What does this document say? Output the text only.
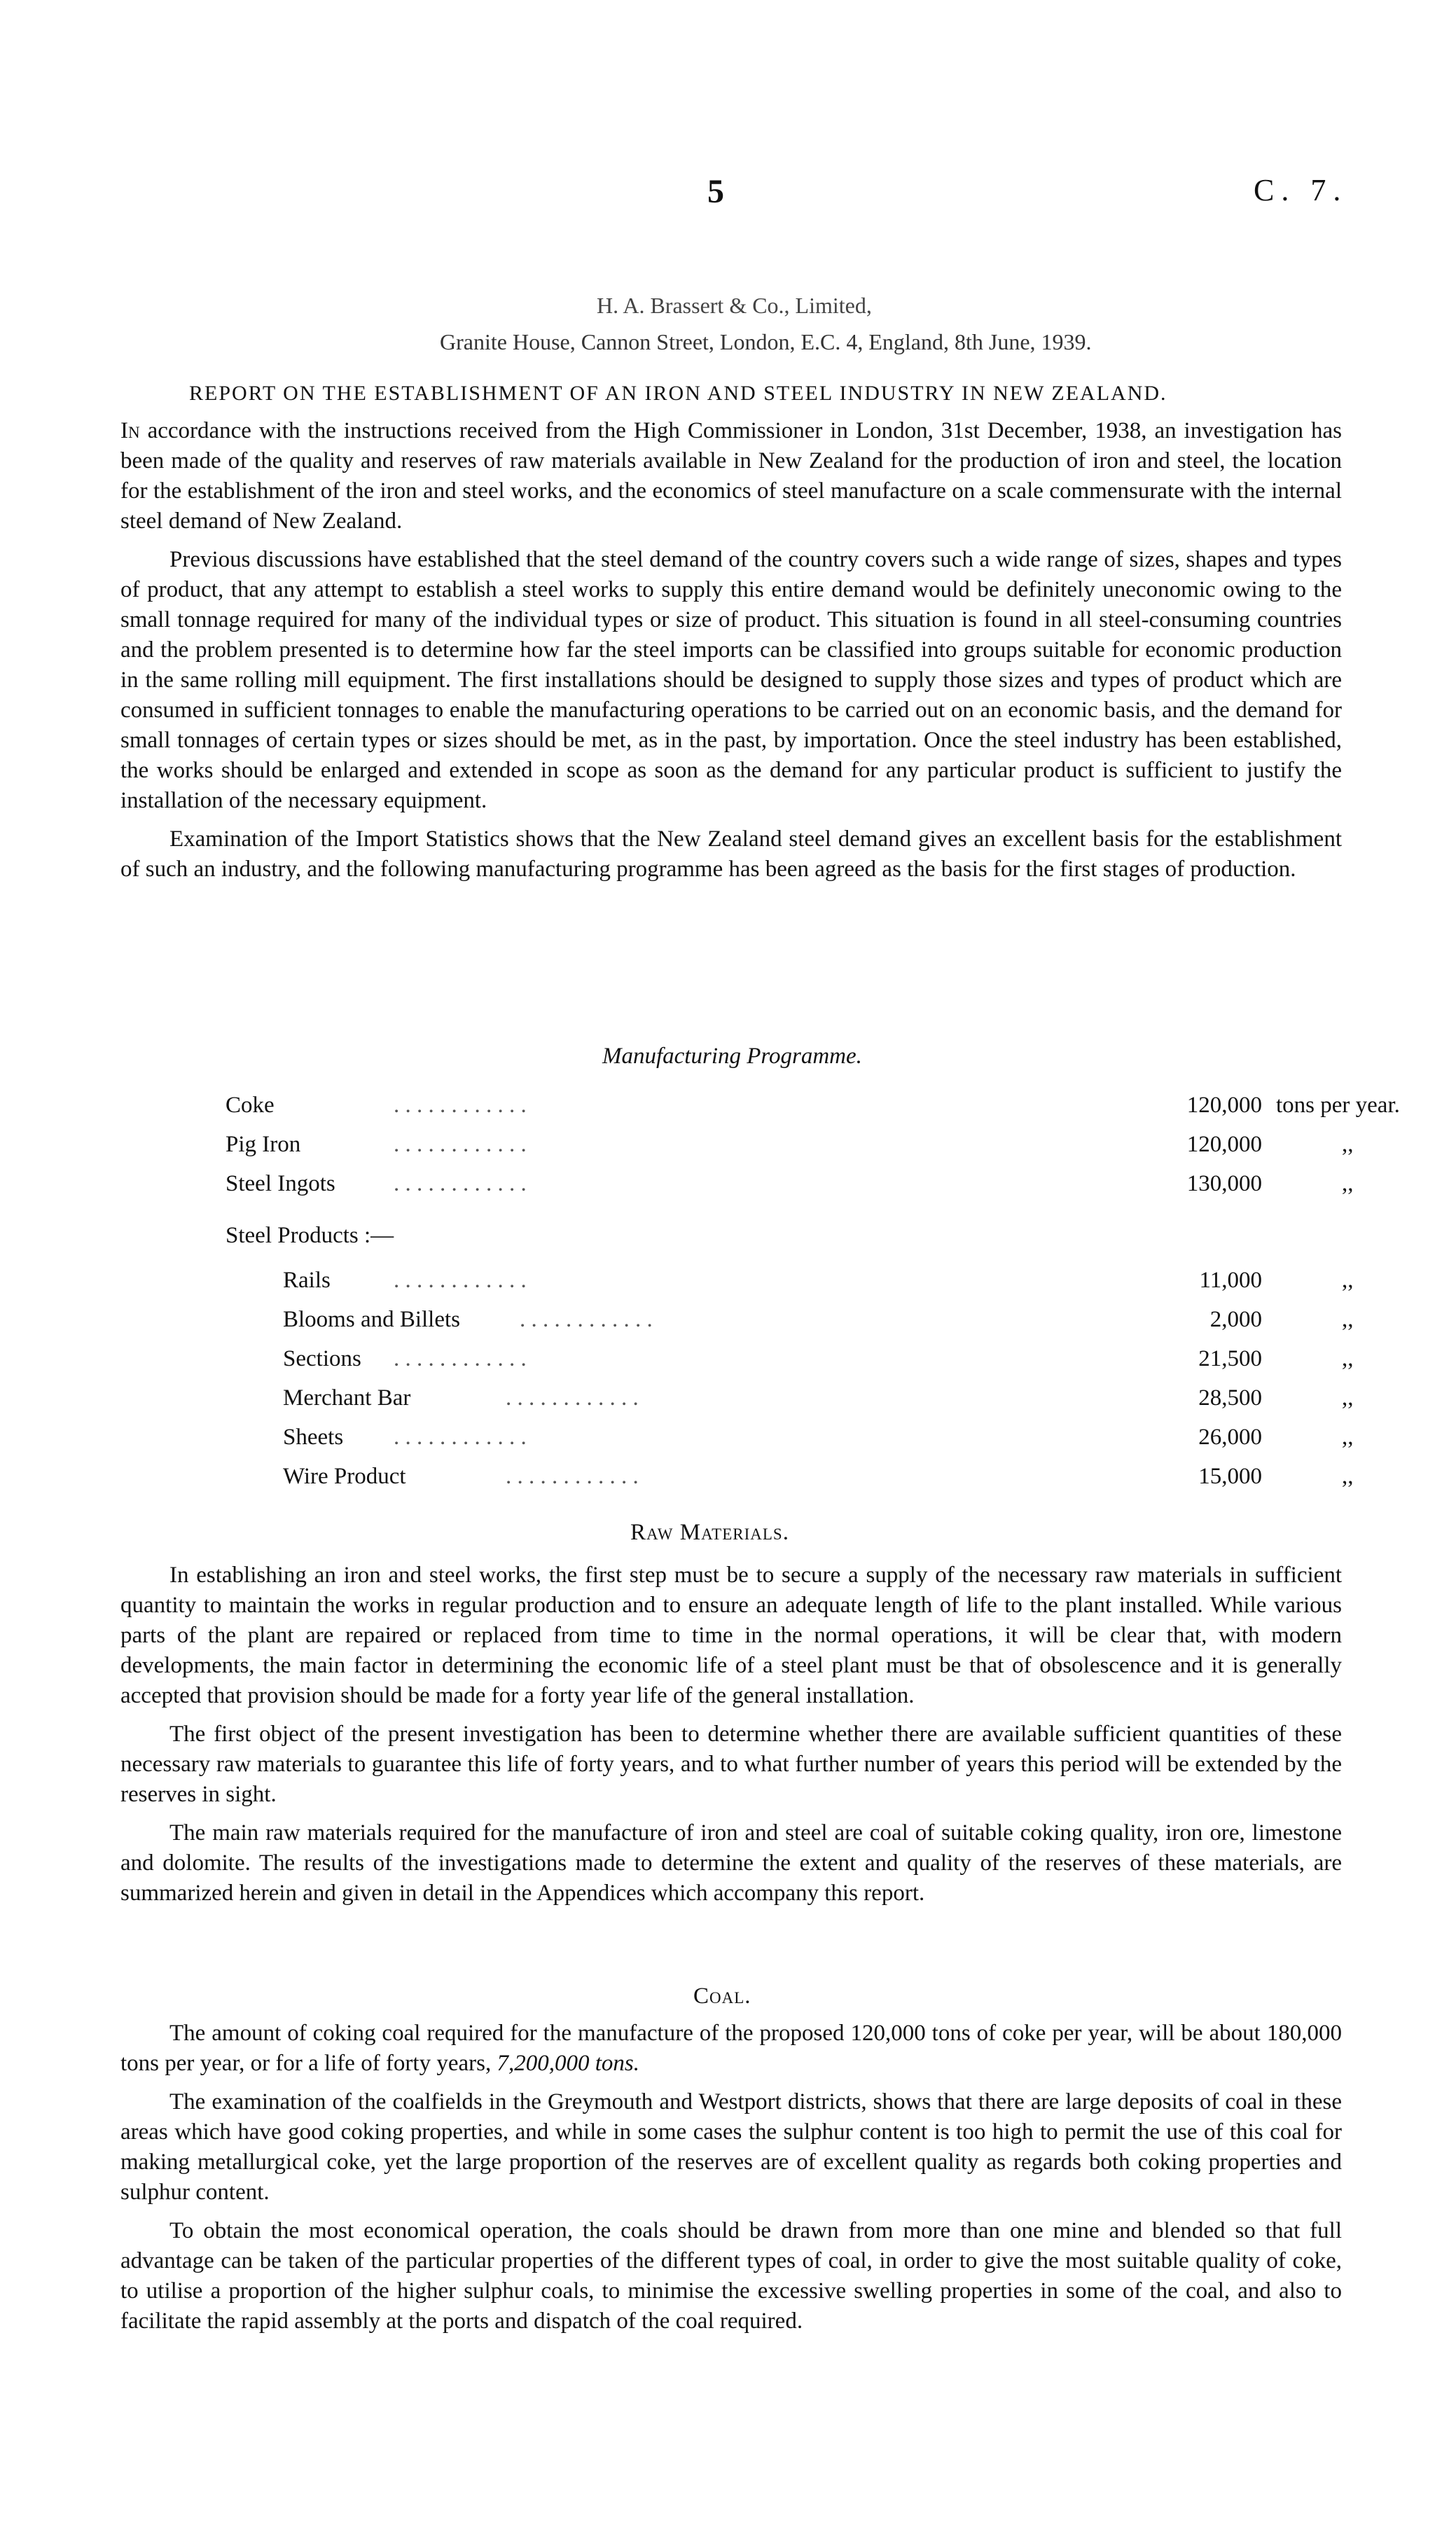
5	C. 7.
H. A. Brassert & Co., Limited,
Granite House, Cannon Street, London, E.C. 4, England, 8th June, 1939.
REPORT ON THE ESTABLISHMENT OF AN IRON AND STEEL INDUSTRY IN NEW ZEALAND.

In accordance with the instructions received from the High Commissioner in London, 31st December, 1938, an investigation has been made of the quality and reserves of raw materials available in New Zealand for the production of iron and steel, the location for the establishment of the iron and steel works, and the economics of steel manufacture on a scale commensurate with the internal steel demand of New Zealand.

Previous discussions have established that the steel demand of the country covers such a wide range of sizes, shapes and types of product, that any attempt to establish a steel works to supply this entire demand would be definitely uneconomic owing to the small tonnage required for many of the individual types or size of product. This situation is found in all steel-consuming countries and the problem presented is to determine how far the steel imports can be classified into groups suitable for economic production in the same rolling mill equipment. The first installations should be designed to supply those sizes and types of product which are consumed in sufficient tonnages to enable the manufacturing operations to be carried out on an economic basis, and the demand for small tonnages of certain types or sizes should be met, as in the past, by importation. Once the steel industry has been established, the works should be enlarged and extended in scope as soon as the demand for any particular product is sufficient to justify the installation of the necessary equipment.

Examination of the Import Statistics shows that the New Zealand steel demand gives an excellent basis for the establishment of such an industry, and the following manufacturing programme has been agreed as the basis for the first stages of production.

Manufacturing Programme.
Coke	. . . . . . . . . . . .	120,000 tons per year.
Pig Iron	. . . . . . . . . . . .	120,000	,,
Steel Ingots	. . . . . . . . . . . .	130,000	,,
Steel Products :—
Rails	. . . . . . . . . . . .	11,000	,,
Blooms and Billets	. . . . . . . . . . . .	2,000	,,
Sections . . . . . . . . . . . .	21,500	,,
Merchant Bar	. . . . . . . . . . . .	28,500	,,
Sheets . . . . . . . . . . . .	26,000	,,
Wire Product	. . . . . . . . . . . .	15,000	,,
Raw Materials.

In establishing an iron and steel works, the first step must be to secure a supply of the necessary raw materials in sufficient quantity to maintain the works in regular production and to ensure an adequate length of life to the plant installed. While various parts of the plant are repaired or replaced from time to time in the normal operations, it will be clear that, with modern developments, the main factor in determining the economic life of a steel plant must be that of obsolescence and it is generally accepted that provision should be made for a forty year life of the general installation.

The first object of the present investigation has been to determine whether there are available sufficient quantities of these necessary raw materials to guarantee this life of forty years, and to what further number of years this period will be extended by the reserves in sight.

The main raw materials required for the manufacture of iron and steel are coal of suitable coking quality, iron ore, limestone and dolomite. The results of the investigations made to determine the extent and quality of the reserves of these materials, are summarized herein and given in detail in the Appendices which accompany this report.

Coal.

The amount of coking coal required for the manufacture of the proposed 120,000 tons of coke per year, will be about 180,000 tons per year, or for a life of forty years, 7,200,000 tons.

The examination of the coalfields in the Greymouth and Westport districts, shows that there are large deposits of coal in these areas which have good coking properties, and while in some cases the sulphur content is too high to permit the use of this coal for making metallurgical coke, yet the large proportion of the reserves are of excellent quality as regards both coking properties and sulphur content.

To obtain the most economical operation, the coals should be drawn from more than one mine and blended so that full advantage can be taken of the particular properties of the different types of coal, in order to give the most suitable quality of coke, to utilise a proportion of the higher sulphur coals, to minimise the excessive swelling properties in some of the coal, and also to facilitate the rapid assembly at the ports and dispatch of the coal required.
